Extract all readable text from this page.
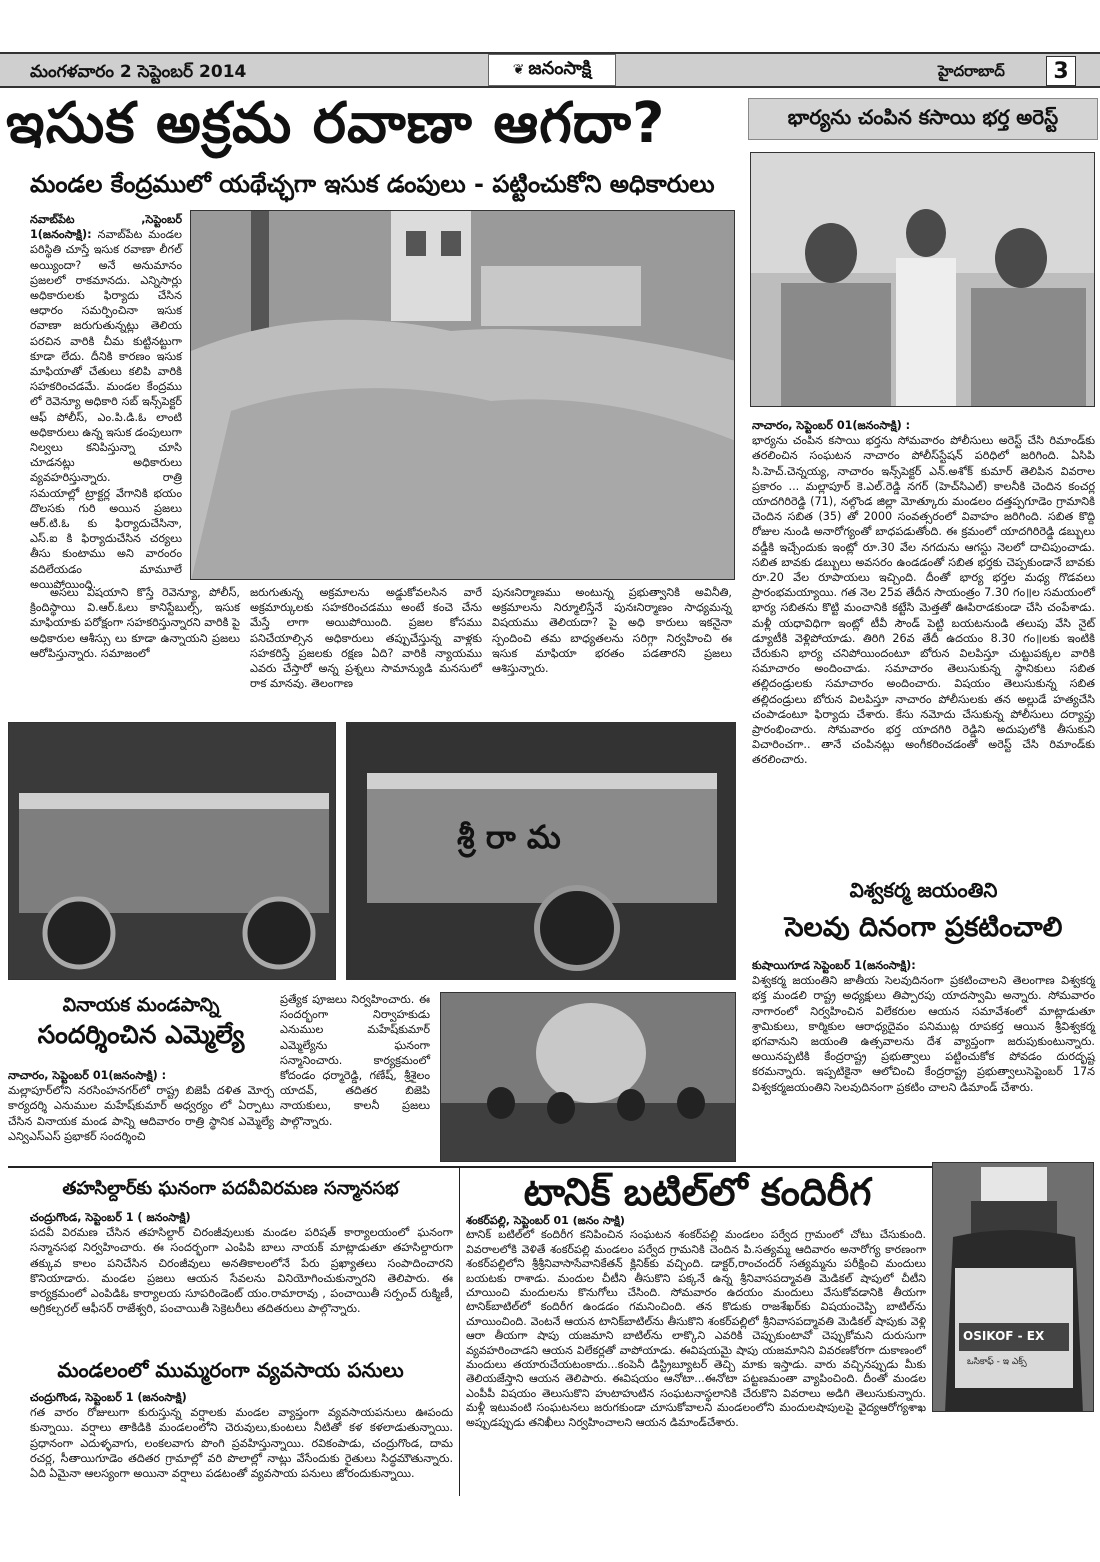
మంగళవారం 2 సెప్టెంబర్ 2014	❦ జనంసాక్షి	హైదరాబాద్	3
ఇసుక అక్రమ రవాణా ఆగదా?
మండల కేంద్రములో యథేచ్ఛగా ఇసుక డంపులు - పట్టించుకోని అధికారులు
నవాబ్‌పేట ,సెప్టెంబర్ 1(జనంసాక్షి): నవాబ్‌పేట మండల పరిస్థితి చూస్తే ఇసుక రవాణా లీగల్ అయ్యిందా? అనే అనుమానం ప్రజలలో రాకమానదు. ఎన్నిసార్లు అధికారులకు ఫిర్యాదు చేసిన ఆధారం సమర్పించినా ఇసుక రవాణా జరుగుతున్నట్లు తెలియ పరచిన వారికి చీమ కుట్టినట్టుగా కూడా లేదు. దీనికి కారణం ఇసుక మాఫియాతో చేతులు కలిపి వారికి సహకరించడమే. మండల కేంద్రము లో రెవెన్యూ అధికారి సబ్ ఇన్స్‌పెక్టర్ ఆఫ్ పోలీస్, ఎం.పి.డి.ఓ లాంటి అధికారులు ఉన్న ఇసుక డంపులుగా నిల్వలు కనిపిస్తున్నా చూసి చూడనట్లు అధికారులు వ్యవహరిస్తున్నారు. రాత్రి సమయాల్లో ట్రాక్టర్ల వేగానికి భయం దొలసకు గురి అయిన ప్రజలు ఆర్.టి.ఓ కు ఫిర్యాదుచేసినా, ఎస్.ఐ కి ఫిర్యాదుచేసిన చర్యలు తీసు కుంటాము అని వారంరం వదిలేయడం మామూలే అయిపోయింది.
అసలు విషయాని కొస్తే రెవెన్యూ, పోలీస్, క్రిందిస్థాయి వి.ఆర్.ఓలు కానిస్టేబుల్స్, ఇసుక మాఫియాకు పరోక్షంగా సహకరిస్తున్నారని వారికి పై అధికారుల ఆశీస్సు లు కూడా ఉన్నాయని ప్రజలు ఆరోపిస్తున్నారు. సమాజంలో
జరుగుతున్న అక్రమాలను అడ్డుకోవలసిన వారే అక్రమార్కులకు సహకరించడము అంటే కంచె చేను మేస్తే లాగా అయిపోయింది. ప్రజల కోసము పనిచేయాల్సిన అధికారులు తప్పుచేస్తున్న వాళ్లకు సహకరిస్తే ప్రజలకు రక్షణ ఏది? వారికి న్యాయము ఎవరు చేస్తారో అన్న ప్రశ్నలు సామాన్యుడి మనసులో రాక మానవు. తెలంగాణ
పునఃనిర్మాణము అంటున్న ప్రభుత్వానికి అవినీతి, అక్రమాలను నిర్మూలిస్తేనే పునఃనిర్మాణం సాధ్యమన్న విషయము తెలియదా? పై అధి కారులు ఇకనైనా స్పందించి తమ బాధ్యతలను సరిగ్గా నిర్వహించి ఈ ఇసుక మాఫియా భరతం పడతారని ప్రజలు ఆశిస్తున్నారు.
శ్రీ రా మ
భార్యను చంపిన కసాయి భర్త అరెస్ట్
నాచారం, సెప్టెంబర్ 01(జనంసాక్షి) :
భార్యను చంపిన కసాయి భర్తను సోమవారం పోలీసులు అరెస్ట్ చేసి రిమాండ్‌కు తరలించిన సంఘటన నాచారం పోలీస్‌స్టేషన్ పరిధిలో జరిగింది. ఏసిపి సి.హెచ్.చెన్నయ్య, నాచారం ఇన్స్‌పెక్టర్ ఎన్.అశోక్ కుమార్ తెలిపిన వివరాల ప్రకారం ... మల్లాపూర్ కె.ఎల్.రెడ్డి నగర్ (హెచ్‌సిఎల్) కాలనీకి చెందిన కంచర్ల యాదగిరిరెడ్డి (71), నల్గొండ జిల్లా మోత్కూరు మండలం దత్తప్పగూడెం గ్రామానికి చెందిన సబిత (35) తో 2000 సంవత్సరంలో వివాహం జరిగింది. సబిత కొద్ది రోజుల నుండి అనారోగ్యంతో బాధపడుతోంది. ఈ క్రమంలో యాదగిరిరెడ్డి డబ్బులు వడ్డీకి ఇచ్చేందుకు ఇంట్లో రూ.30 వేల నగదును ఆగస్టు నెలలో దాచిపుంచాడు. సబిత బావకు డబ్బులు అవసరం ఉండడంతో సబిత భర్తకు చెప్పకుండానే బావకు రూ.20 వేల రూపాయలు ఇచ్చింది. దీంతో భార్య భర్తల మధ్య గొడవలు ప్రారంభమయ్యాయి. గత నెల 25వ తేదీన సాయంత్రం 7.30 గం॥ల సమయంలో భార్య సబితను కొట్టి మంచానికి కట్టేసి మెత్తతో ఊపిరాడకుండా చేసి చంపేశాడు. మళ్లీ యధావిధిగా ఇంట్లో టీవీ సౌండ్ పెట్టి బయటనుండి తలుపు వేసి నైట్ డ్యూటీకి వెళ్లిపోయాడు. తిరిగి 26వ తేదీ ఉదయం 8.30 గం॥లకు ఇంటికి చేరుకుని భార్య చనిపోయిందంటూ బోరున విలపిస్తూ చుట్టుపక్కల వారికి సమాచారం అందించాడు. సమాచారం తెలుసుకున్న స్థానికులు సబిత తల్లిదండ్రులకు సమాచారం అందించారు. విషయం తెలుసుకున్న సబిత తల్లిదండ్రులు బోరున విలపిస్తూ నాచారం పోలీసులకు తన అల్లుడే హత్యచేసి చంపాడంటూ ఫిర్యాదు చేశారు. కేసు నమోదు చేసుకున్న పోలీసులు దర్యాప్తు ప్రారంభించారు. సోమవారం భర్త యాదగిరి రెడ్డిని అదుపులోకి తీసుకుని విచారించగా.. తానే చంపినట్లు అంగీకరించడంతో అరెస్ట్ చేసి రిమాండ్‌కు తరలించారు.
విశ్వకర్మ జయంతిని
సెలవు దినంగా ప్రకటించాలి
కుషాయిగూడ సెప్టెంబర్ 1(జనంసాక్షి):
విశ్వకర్మ జయంతిని జాతీయ సెలవుదినంగా ప్రకటించాలని తెలంగాణ విశ్వకర్మ భక్త మండలి రాష్ట్ర అధ్యక్షులు తిప్పారపు యాదస్వామి అన్నారు. సోమవారం నాగారంలో నిర్వహించిన విలేకరుల ఆయన సమావేశంలో మాట్లాడుతూ శ్రామికులు, కార్మికుల ఆరాధ్యదైవం పనిముట్ల రూపకర్త ఆయిన శ్రీవిశ్వకర్మ భగవానుని జయంతి ఉత్సవాలను దేశ వ్యాప్తంగా జరుపుకుంటున్నారు. అయినప్పటికి కేంద్రరాష్ట్ర ప్రభుత్వాలు పట్టించుకోక పోవడం దురదృష్ట కరమన్నారు. ఇప్పటికైనా ఆలోచించి కేంద్రరాష్ట్ర ప్రభుత్వాలుసెప్టెంబర్ 17న విశ్వకర్మజయంతిని సెలవుదినంగా ప్రకటిం చాలని డిమాండ్ చేశారు.
వినాయక మండపాన్ని
సందర్శించిన ఎమ్మెల్యే
నాచారం, సెప్టెంబర్ 01(జనంసాక్షి) :
మల్లాపూర్‌లోని నరసింహనగర్‌లో రాష్ట్ర బిజెపీ దళిత మోర్చ కార్యదర్శి ఎనుముల మహేష్‌కుమార్ అధ్వర్యం లో ఏర్పాటు చేసిన వినాయక మండ పాన్ని ఆదివారం రాత్రి స్థానిక ఎమ్మెల్యే ఎన్విఎస్ఎస్ ప్రభాకర్ సందర్శించి
ప్రత్యేక పూజలు నిర్వహించారు. ఈ సందర్భంగా నిర్వాహకుడు ఎనుముల మహేష్‌కుమార్ ఎమ్మెల్యేను ఘనంగా సన్మానించారు. కార్యక్రమంలో కోదండం ధర్మారెడ్డి, గణేష్, శ్రీశైలం యాదవ్, తదితర బిజెపి నాయకులు, కాలనీ ప్రజలు పాల్గొన్నారు.
తహసిల్దార్‌కు ఘనంగా పదవీవిరమణ సన్మానసభ
చంద్రుగొండ, సెప్టెంబర్ 1 ( జనంసాక్షి)
పదవీ విరమణ చేసిన తహసిల్దార్ చిరంజీవులుకు మండల పరిషత్ కార్యాలయంలో ఘనంగా సన్మానసభ నిర్వహించారు. ఈ సందర్భంగా ఎంపిపి బాలు నాయక్ మాట్లాడుతూ తహసిల్దారుగా తక్కువ కాలం పనిచేసిన చిరంజీవులు అనతికాలంలోనే పేరు ప్రఖ్యాతలు సంపాదించారని కొనియాడారు. మండల ప్రజలు ఆయన సేవలను వినియోగించుకున్నారని తెలిపారు. ఈ కార్యక్రమంలో ఎంపిడిఓ కార్యాలయ సూపరిండెంట్ యం.రామారావు , పంచాయితీ సర్పంచ్ రుక్మిణీ, అగ్రికల్చరల్ ఆఫీసర్ రాజేశ్వరి, పంచాయితీ సెక్రెటరీలు తదితరులు పాల్గొన్నారు.
మండలంలో ముమ్మరంగా వ్యవసాయ పనులు
చంద్రుగొండ, సెప్టెంబర్ 1 (జనంసాక్షి)
గత వారం రోజులుగా కురుస్తున్న వర్షాలకు మండల వ్యాప్తంగా వ్యవసాయపనులు ఊపందు కున్నాయి. వర్షాలు తాకిడికి మండలంలోని చెరువులు,కుంటలు నీటితో కళ కళలాడుతున్నాయి. ప్రధానంగా ఎదుళ్ళవాగు, లంకలవాగు పొంగి ప్రవహిస్తున్నాయి. రవికంపాడు, చంద్రుగొండ, దామ రచర్ల, సీతాయిగూడెం తదితర గ్రామాల్లో వరి పొలాల్లో నాట్లు వేసేందుకు రైతులు సిద్ధమౌతున్నారు. ఏది ఏమైనా ఆలస్యంగా అయినా వర్షాలు పడటంతో వ్యవసాయ పనులు జోరందుకున్నాయి.
టానిక్ బటిల్‌లో కందిరీగ
శంకర్‌పల్లి, సెప్టెంబర్ 01 (జనం సాక్షి)
టానిక్ బటిల్‌లో కందిరీగ కనిపించిన సంఘటన శంకర్‌పల్లి మండలం పర్వేద గ్రామంలో చోటు చేసుకుంది. వివరాలలోకి వెళితే శంకర్‌పల్లి మండలం పర్వేద గ్రామనికి చెందిన పి.సత్యమ్మ ఆదివారం అనారోగ్య కారణంగా శంకర్‌పల్లిలోని శ్రీశ్రీనివాసాసేవానికేతన్ క్లినిక్‌కు వచ్చింది. డాక్టర్,రాంచందర్ సత్యమ్మను పరీక్షించి మందులు బయటకు రాశాడు. మందుల చీటీని తీసుకొని పక్కనే ఉన్న శ్రీనివాసపద్మావతి మెడికల్ షాపులో చీటీని చూయించి మందులను కొనుగోలు చేసింది. సోమవారం ఉదయం మందులు వేసుకోవడానికి తీయగా టానిక్‌బాటిల్‌లో కందిరీగ ఉండడం గమనించింది. తన కొడుకు రాజశేఖర్‌కు విషయంచెప్పి బాటిల్‌ను చూయించింది. వెంటనే ఆయన టానిక్‌బాటిల్‌ను తీసుకొని శంకర్‌పల్లిలో శ్రీనివాసపద్మావతి మెడికల్ షాపుకు వెళ్లి ఆరా తీయగా షాపు యజమాని బాటిల్‌ను లాక్కొని ఎవరికి చెప్పుకుంటావో చెప్పుకోమని దురుసుగా వ్యవహరించాడని ఆయన విలేకర్లతో వాపోయాడు. ఈవిషయమై షాపు యజమానిని వివరణకోరగా దుకాణంలో మందులు తయారుచేయటంకాదు...కంపెనీ డిస్ట్రిబ్యూటర్ తెచ్చి మాకు ఇస్తాడు. వారు వచ్చినప్పుడు మీకు తెలియజేస్తాని ఆయన తెలిపారు. ఈవిషయం ఆనోటా...ఈనోటా పట్టణమంతా వ్యాపించింది. దీంతో మండల ఎంపీపీ విషయం తెలుసుకొని హుటాహుటిన సంఘటనాస్థలానికి చేరుకొని వివరాలు అడిగి తెలుసుకున్నారు. మళ్లీ ఇటువంటి సంఘటనలు జరుగకుండా చూసుకోవాలని మండలంలోని మందులషాపులపై వైద్యఆరోగ్యశాఖ అప్పుడప్పుడు తనిఖీలు నిర్వహించాలని ఆయన డిమాండ్‌చేశారు.
OSIKOF - EX
ఒసికాఫ్ - ఇ ఎక్స్
